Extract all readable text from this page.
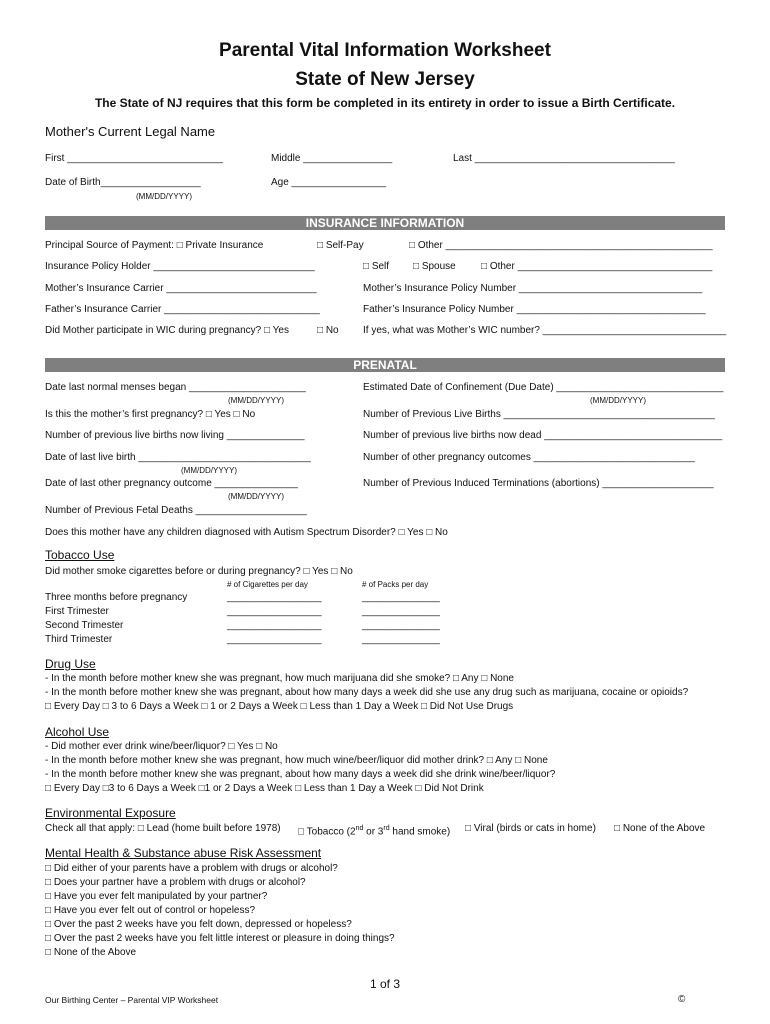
Parental Vital Information Worksheet
State of New Jersey
The State of NJ requires that this form be completed in its entirety in order to issue a Birth Certificate.
Mother's Current Legal Name
First ____________________________	Middle ________________	Last ____________________________________
Date of Birth__________________
(MM/DD/YYYY)
Age _________________
INSURANCE INFORMATION
Principal Source of Payment: □ Private Insurance	□ Self-Pay	□ Other ________________________________________________
Insurance Policy Holder _____________________________	□ Self □ Spouse	□ Other ___________________________________
Mother’s Insurance Carrier ___________________________	Mother’s Insurance Policy Number _________________________________
Father’s Insurance Carrier ____________________________	Father’s Insurance Policy Number __________________________________
Did Mother participate in WIC during pregnancy? □ Yes	□ No If yes, what was Mother’s WIC number? _________________________________
PRENATAL
Date last normal menses began _____________________
(MM/DD/YYYY)
Estimated Date of Confinement (Due Date) ______________________________
(MM/DD/YYYY)
Is this the mother’s first pregnancy? □ Yes □ No	Number of Previous Live Births ______________________________________
Number of previous live births now living ______________	Number of previous live births now dead ________________________________
Date of last live birth _______________________________
(MM/DD/YYYY)
Number of other pregnancy outcomes _____________________________
Date of last other pregnancy outcome _______________
(MM/DD/YYYY)
Number of Previous Induced Terminations (abortions) ____________________
Number of Previous Fetal Deaths ____________________
Does this mother have any children diagnosed with Autism Spectrum Disorder? □ Yes □ No
Tobacco Use
Did mother smoke cigarettes before or during pregnancy? □ Yes □ No
# of Cigarettes per day	# of Packs per day
Three months before pregnancy	_________________	______________
First Trimester	_________________	______________
Second Trimester	_________________	______________
Third Trimester	_________________	______________
Drug Use
- In the month before mother knew she was pregnant, how much marijuana did she smoke? □ Any □ None
- In the month before mother knew she was pregnant, about how many days a week did she use any drug such as marijuana, cocaine or opioids?
□ Every Day □ 3 to 6 Days a Week □ 1 or 2 Days a Week □ Less than 1 Day a Week □ Did Not Use Drugs
Alcohol Use
- Did mother ever drink wine/beer/liquor? □ Yes □ No
- In the month before mother knew she was pregnant, how much wine/beer/liquor did mother drink? □ Any □ None
- In the month before mother knew she was pregnant, about how many days a week did she drink wine/beer/liquor?
□ Every Day □3 to 6 Days a Week □1 or 2 Days a Week □ Less than 1 Day a Week □ Did Not Drink
Environmental Exposure
Check all that apply: □ Lead (home built before 1978) □ Tobacco (2nd or 3rd hand smoke) □ Viral (birds or cats in home) □ None of the Above
Mental Health & Substance abuse Risk Assessment
□ Did either of your parents have a problem with drugs or alcohol?
□ Does your partner have a problem with drugs or alcohol?
□ Have you ever felt manipulated by your partner?
□ Have you ever felt out of control or hopeless?
□ Over the past 2 weeks have you felt down, depressed or hopeless?
□ Over the past 2 weeks have you felt little interest or pleasure in doing things?
□ None of the Above
1 of 3
Our Birthing Center – Parental VIP Worksheet	©
